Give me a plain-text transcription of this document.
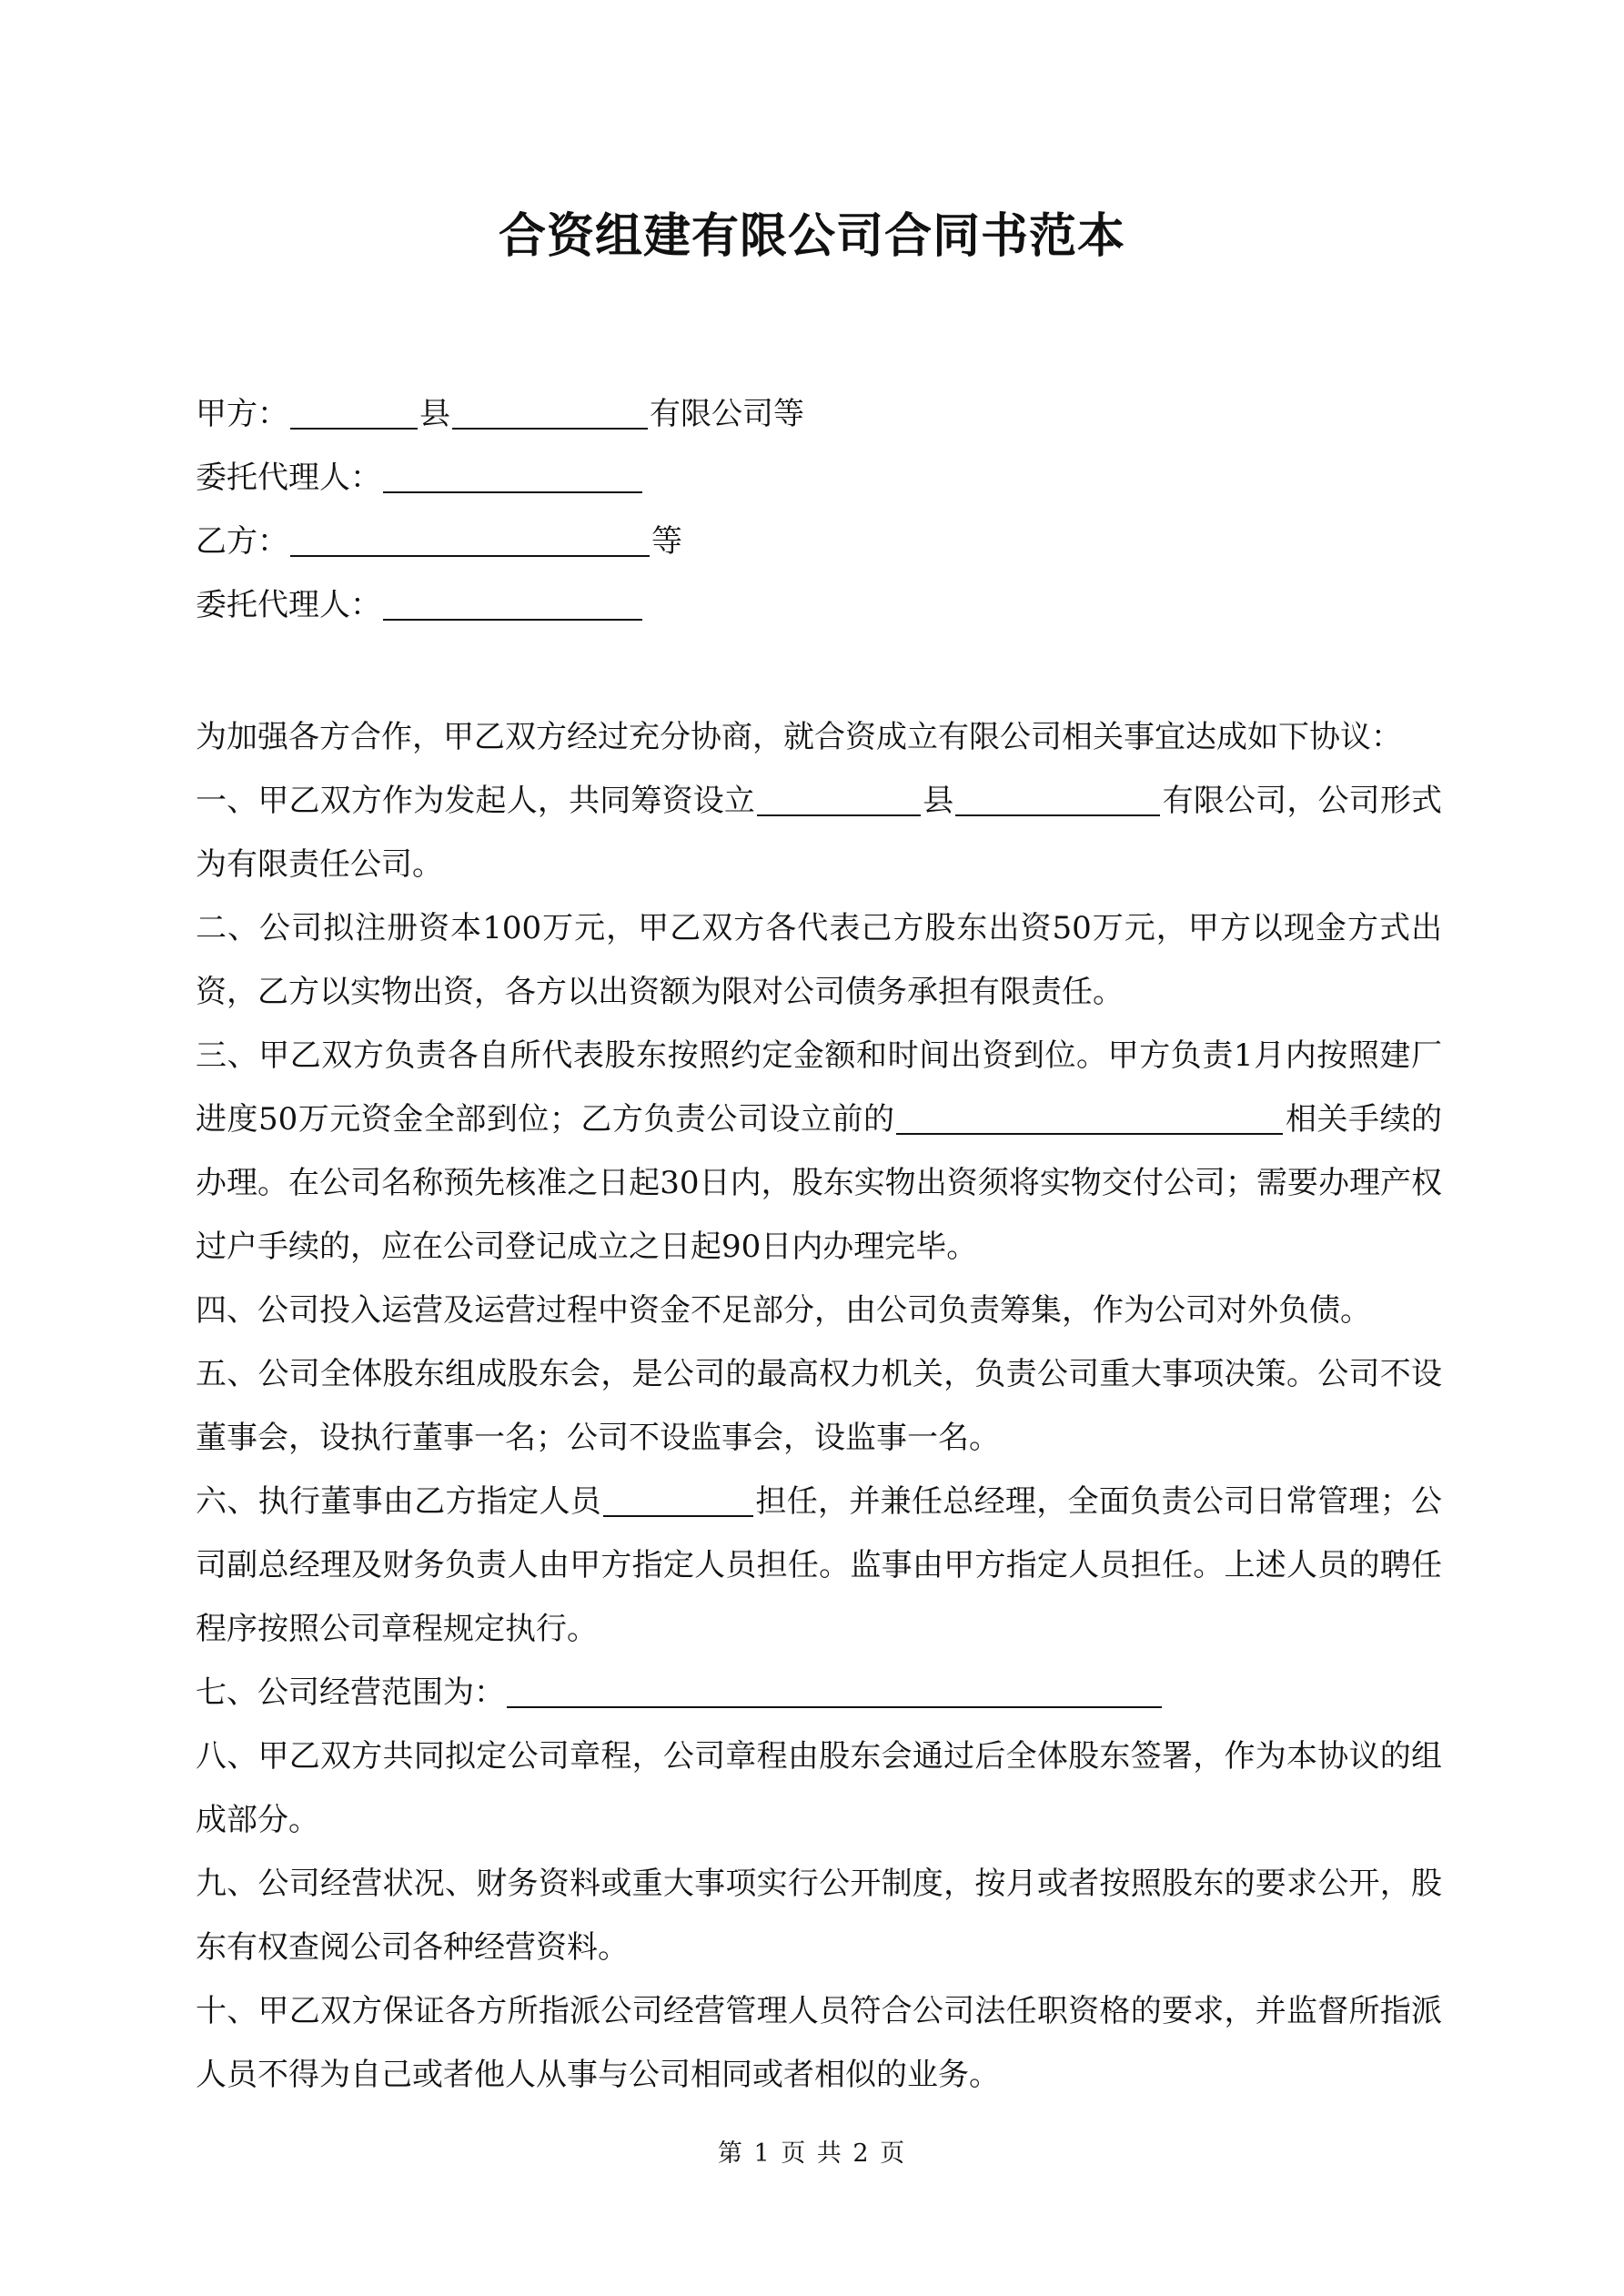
合资组建有限公司合同书范本
甲方：	县	有限公司等
委托代理人：
乙方：	等
委托代理人：

为加强各方合作，甲乙双方经过充分协商，就合资成立有限公司相关事宜达成如下协议：

一、甲乙双方作为发起人，共同筹资设立	县	有限公司，公司形式为有限责任公司。

二、公司拟注册资本100万元，甲乙双方各代表己方股东出资50万元，甲方以现金方式出资，乙方以实物出资，各方以出资额为限对公司债务承担有限责任。

三、甲乙双方负责各自所代表股东按照约定金额和时间出资到位。甲方负责1月内按照建厂进度50万元资金全部到位；乙方负责公司设立前的	相关手续的办理。在公司名称预先核准之日起30日内，股东实物出资须将实物交付公司；需要办理产权过户手续的，应在公司登记成立之日起90日内办理完毕。

四、公司投入运营及运营过程中资金不足部分，由公司负责筹集，作为公司对外负债。

五、公司全体股东组成股东会，是公司的最高权力机关，负责公司重大事项决策。公司不设董事会，设执行董事一名；公司不设监事会，设监事一名。

六、执行董事由乙方指定人员	担任，并兼任总经理，全面负责公司日常管理；公司副总经理及财务负责人由甲方指定人员担任。监事由甲方指定人员担任。上述人员的聘任程序按照公司章程规定执行。

七、公司经营范围为：

八、甲乙双方共同拟定公司章程，公司章程由股东会通过后全体股东签署，作为本协议的组成部分。

九、公司经营状况、财务资料或重大事项实行公开制度，按月或者按照股东的要求公开，股东有权查阅公司各种经营资料。

十、甲乙双方保证各方所指派公司经营管理人员符合公司法任职资格的要求，并监督所指派人员不得为自己或者他人从事与公司相同或者相似的业务。

第 1 页 共 2 页
